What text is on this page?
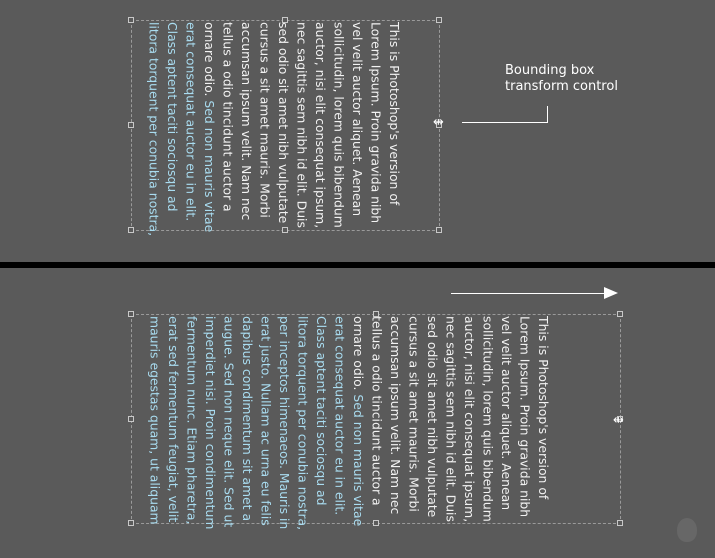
This is Photoshop's version of
Lorem Ipsum. Proin gravida nibh
vel velit auctor aliquet. Aenean
sollicitudin, lorem quis bibendum
auctor, nisi elit consequat ipsum,
nec sagittis sem nibh id elit. Duis
sed odio sit amet nibh vulputate
cursus a sit amet mauris. Morbi
accumsan ipsum velit. Nam nec
tellus a odio tincidunt auctor a
ornare odio. Sed non mauris vitae
erat consequat auctor eu in elit.
Class aptent taciti sociosqu ad
litora torquent per conubia nostra,	⇹
Bounding box
transform control
This is Photoshop's version of
Lorem Ipsum. Proin gravida nibh
vel velit auctor aliquet. Aenean
sollicitudin, lorem quis bibendum
auctor, nisi elit consequat ipsum,
nec sagittis sem nibh id elit. Duis
sed odio sit amet nibh vulputate
cursus a sit amet mauris. Morbi
accumsan ipsum velit. Nam nec
tellus a odio tincidunt auctor a
ornare odio. Sed non mauris vitae
erat consequat auctor eu in elit.
Class aptent taciti sociosqu ad
litora torquent per conubia nostra,
per inceptos himenaeos. Mauris in
erat justo. Nullam ac urna eu felis
dapibus condimentum sit amet a
augue. Sed non neque elit. Sed ut
imperdiet nisi. Proin condimentum
fermentum nunc. Etiam pharetra,
erat sed fermentum feugiat, velit
mauris egestas quam, ut aliquam	⇹
